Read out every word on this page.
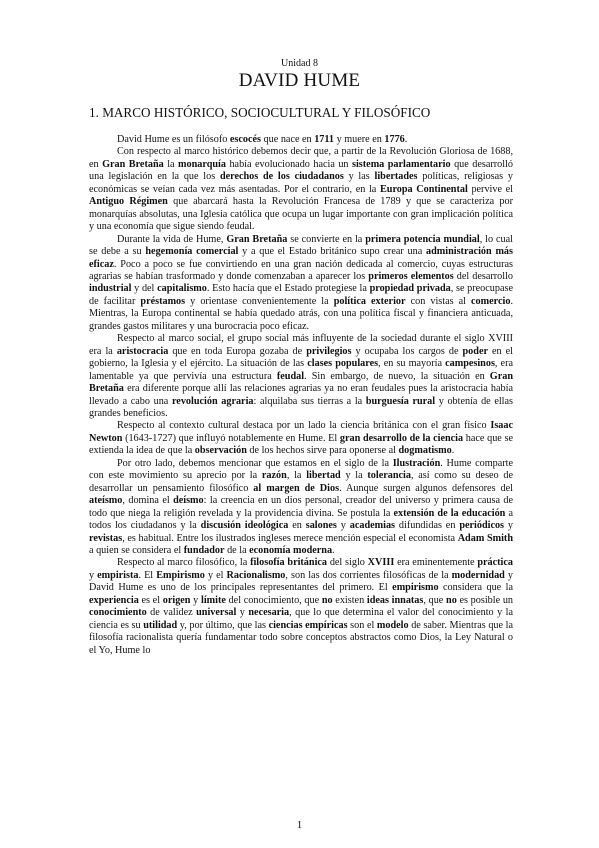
Unidad 8
DAVID HUME
1. MARCO HISTÓRICO, SOCIOCULTURAL Y FILOSÓFICO

David Hume es un filósofo escocés que nace en 1711 y muere en 1776.

Con respecto al marco histórico debemos decir que, a partir de la Revolución Gloriosa de 1688, en Gran Bretaña la monarquía había evolucionado hacia un sistema parlamentario que desarrolló una legislación en la que los derechos de los ciudadanos y las libertades políticas, religiosas y económicas se veían cada vez más asentadas. Por el contrario, en la Europa Continental pervive el Antiguo Régimen que abarcará hasta la Revolución Francesa de 1789 y que se caracteriza por monarquías absolutas, una Iglesia católica que ocupa un lugar importante con gran implicación política y una economía que sigue siendo feudal.

Durante la vida de Hume, Gran Bretaña se convierte en la primera potencia mundial, lo cual se debe a su hegemonía comercial y a que el Estado británico supo crear una administración más eficaz. Poco a poco se fue convirtiendo en una gran nación dedicada al comercio, cuyas estructuras agrarias se habían trasformado y donde comenzaban a aparecer los primeros elementos del desarrollo industrial y del capitalismo. Esto hacía que el Estado protegiese la propiedad privada, se preocupase de facilitar préstamos y orientase convenientemente la política exterior con vistas al comercio. Mientras, la Europa continental se había quedado atrás, con una política fiscal y financiera anticuada, grandes gastos militares y una burocracia poco eficaz.

Respecto al marco social, el grupo social más influyente de la sociedad durante el siglo XVIII era la aristocracia que en toda Europa gozaba de privilegios y ocupaba los cargos de poder en el gobierno, la Iglesia y el ejército. La situación de las clases populares, en su mayoría campesinos, era lamentable ya que pervivía una estructura feudal. Sin embargo, de nuevo, la situación en Gran Bretaña era diferente porque allí las relaciones agrarias ya no eran feudales pues la aristocracia había llevado a cabo una revolución agraria: alquilaba sus tierras a la burguesía rural y obtenía de ellas grandes beneficios.

Respecto al contexto cultural destaca por un lado la ciencia británica con el gran físico Isaac Newton (1643-1727) que influyó notablemente en Hume. El gran desarrollo de la ciencia hace que se extienda la idea de que la observación de los hechos sirve para oponerse al dogmatismo.

Por otro lado, debemos mencionar que estamos en el siglo de la Ilustración. Hume comparte con este movimiento su aprecio por la razón, la libertad y la tolerancia, así como su deseo de desarrollar un pensamiento filosófico al margen de Dios. Aunque surgen algunos defensores del ateísmo, domina el deísmo: la creencia en un dios personal, creador del universo y primera causa de todo que niega la religión revelada y la providencia divina. Se postula la extensión de la educación a todos los ciudadanos y la discusión ideológica en salones y academias difundidas en periódicos y revistas, es habitual. Entre los ilustrados ingleses merece mención especial el economista Adam Smith a quien se considera el fundador de la economía moderna.

Respecto al marco filosófico, la filosofía británica del siglo XVIII era eminentemente práctica y empirista. El Empirismo y el Racionalismo, son las dos corrientes filosóficas de la modernidad y David Hume es uno de los principales representantes del primero. El empirismo considera que la experiencia es el origen y límite del conocimiento, que no existen ideas innatas, que no es posible un conocimiento de validez universal y necesaria, que lo que determina el valor del conocimiento y la ciencia es su utilidad y, por último, que las ciencias empíricas son el modelo de saber. Mientras que la filosofía racionalista quería fundamentar todo sobre conceptos abstractos como Dios, la Ley Natural o el Yo, Hume lo

1
